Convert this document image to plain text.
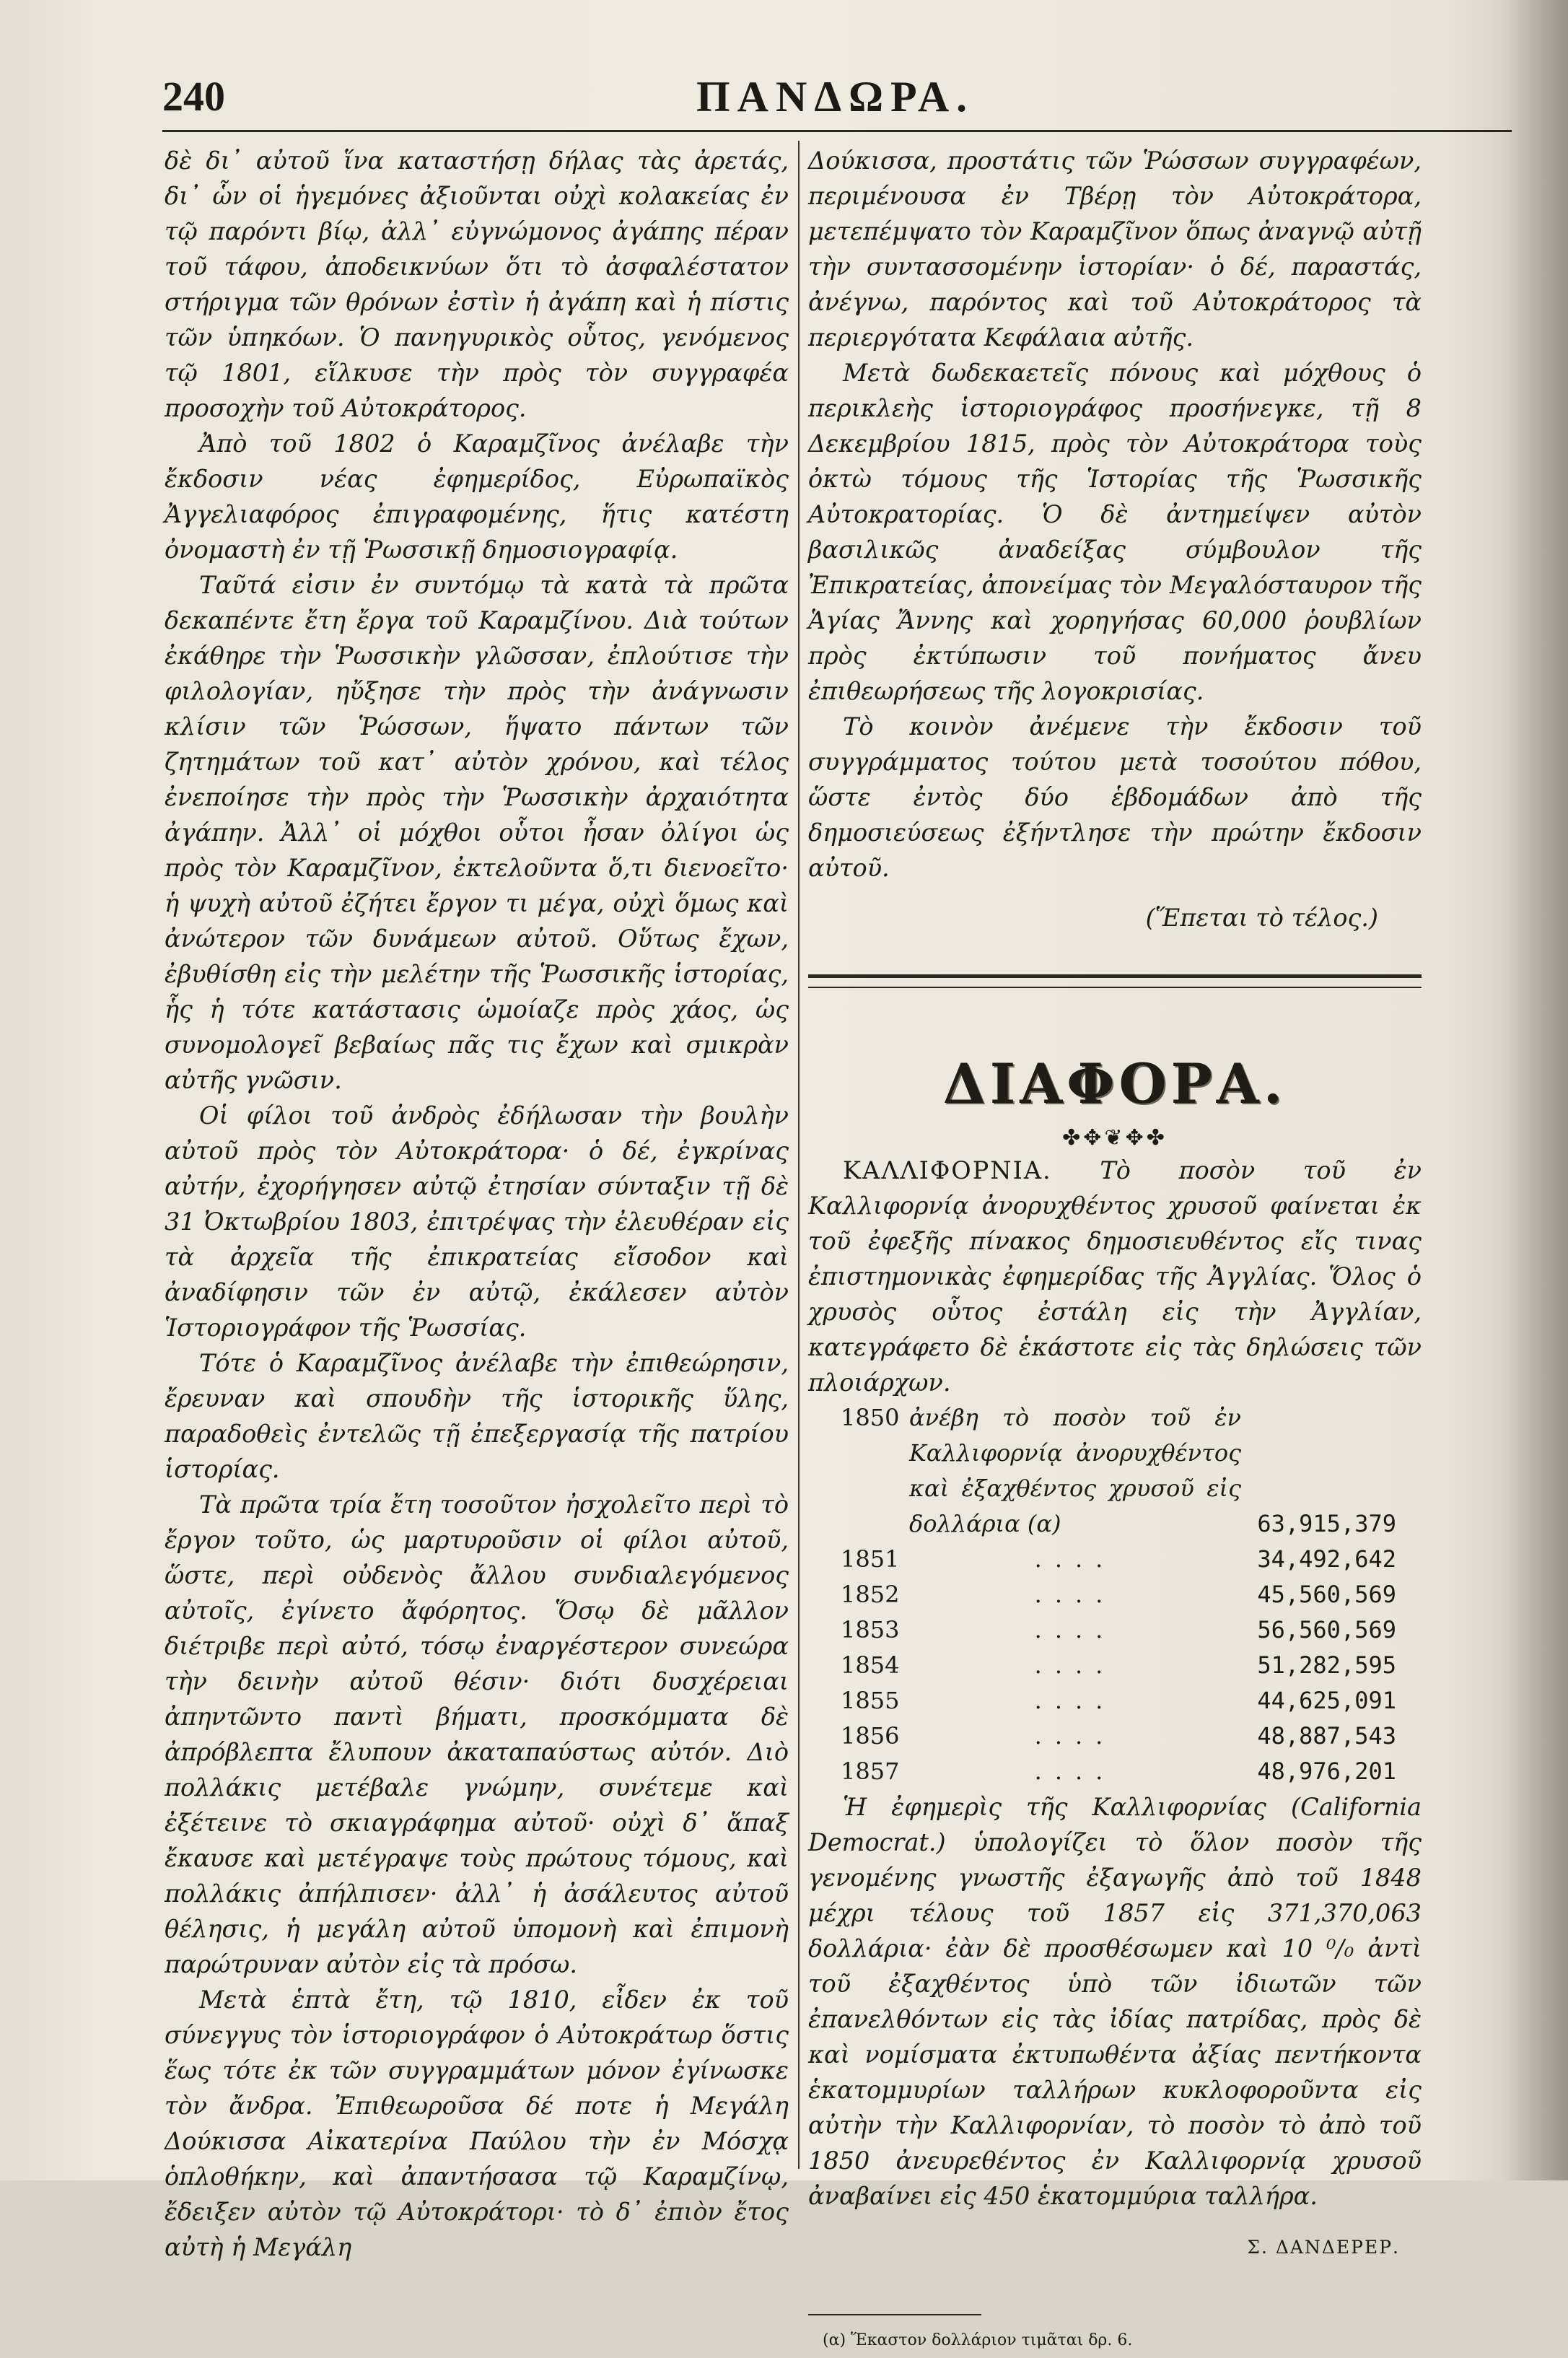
240	ΠΑΝΔΩΡΑ.

δὲ δι᾽ αὐτοῦ ἵνα καταστήσῃ δήλας τὰς ἀρετάς, δι᾽ ὧν οἱ ἡγεμόνες ἀξιοῦνται οὐχὶ κολακείας ἐν τῷ παρόντι βίῳ, ἀλλ᾽ εὐγνώμονος ἀγάπης πέραν τοῦ τάφου, ἀποδεικνύων ὅτι τὸ ἀσφαλέστατον στήριγμα τῶν θρόνων ἐστὶν ἡ ἀγάπη καὶ ἡ πίστις τῶν ὑπηκόων. Ὁ πανηγυρικὸς οὗτος, γενόμενος τῷ 1801, εἵλκυσε τὴν πρὸς τὸν συγγραφέα προσοχὴν τοῦ Αὐτοκράτορος.

Ἀπὸ τοῦ 1802 ὁ Καραμζῖνος ἀνέλαβε τὴν ἔκδοσιν νέας ἐφημερίδος, Εὐρωπαϊκὸς Ἀγγελιαφόρος ἐπιγραφομένης, ἥτις κατέστη ὀνομαστὴ ἐν τῇ Ῥωσσικῇ δημοσιογραφίᾳ.

Ταῦτά εἰσιν ἐν συντόμῳ τὰ κατὰ τὰ πρῶτα δεκαπέντε ἔτη ἔργα τοῦ Καραμζίνου. Διὰ τούτων ἐκάθηρε τὴν Ῥωσσικὴν γλῶσσαν, ἐπλούτισε τὴν φιλολογίαν, ηὔξησε τὴν πρὸς τὴν ἀνάγνωσιν κλίσιν τῶν Ῥώσσων, ἥψατο πάντων τῶν ζητημάτων τοῦ κατ᾽ αὐτὸν χρόνου, καὶ τέλος ἐνεποίησε τὴν πρὸς τὴν Ῥωσσικὴν ἀρχαιότητα ἀγάπην. Ἀλλ᾽ οἱ μόχθοι οὗτοι ἦσαν ὀλίγοι ὡς πρὸς τὸν Καραμζῖνον, ἐκτελοῦντα ὅ,τι διενοεῖτο· ἡ ψυχὴ αὐτοῦ ἐζήτει ἔργον τι μέγα, οὐχὶ ὅμως καὶ ἀνώτερον τῶν δυνάμεων αὐτοῦ. Οὕτως ἔχων, ἐβυθίσθη εἰς τὴν μελέτην τῆς Ῥωσσικῆς ἱστορίας, ἧς ἡ τότε κατάστασις ὡμοίαζε πρὸς χάος, ὡς συνομολογεῖ βεβαίως πᾶς τις ἔχων καὶ σμικρὰν αὐτῆς γνῶσιν.

Οἱ φίλοι τοῦ ἀνδρὸς ἐδήλωσαν τὴν βουλὴν αὐτοῦ πρὸς τὸν Αὐτοκράτορα· ὁ δέ, ἐγκρίνας αὐτήν, ἐχορήγησεν αὐτῷ ἐτησίαν σύνταξιν τῇ δὲ 31 Ὀκτωβρίου 1803, ἐπιτρέψας τὴν ἐλευθέραν εἰς τὰ ἀρχεῖα τῆς ἐπικρατείας εἴσοδον καὶ ἀναδίφησιν τῶν ἐν αὐτῷ, ἐκάλεσεν αὐτὸν Ἱστοριογράφον τῆς Ῥωσσίας.

Τότε ὁ Καραμζῖνος ἀνέλαβε τὴν ἐπιθεώρησιν, ἔρευναν καὶ σπουδὴν τῆς ἱστορικῆς ὕλης, παραδοθεὶς ἐντελῶς τῇ ἐπεξεργασίᾳ τῆς πατρίου ἱστορίας.

Τὰ πρῶτα τρία ἔτη τοσοῦτον ἠσχολεῖτο περὶ τὸ ἔργον τοῦτο, ὡς μαρτυροῦσιν οἱ φίλοι αὐτοῦ, ὥστε, περὶ οὐδενὸς ἄλλου συνδιαλεγόμενος αὐτοῖς, ἐγίνετο ἄφόρητος. Ὅσῳ δὲ μᾶλλον διέτριβε περὶ αὐτό, τόσῳ ἐναργέστερον συνεώρα τὴν δεινὴν αὐτοῦ θέσιν· διότι δυσχέρειαι ἀπηντῶντο παντὶ βήματι, προσκόμματα δὲ ἀπρόβλεπτα ἔλυπουν ἀκαταπαύστως αὐτόν. Διὸ πολλάκις μετέβαλε γνώμην, συνέτεμε καὶ ἐξέτεινε τὸ σκιαγράφημα αὐτοῦ· οὐχὶ δ᾽ ἅπαξ ἔκαυσε καὶ μετέγραψε τοὺς πρώτους τόμους, καὶ πολλάκις ἀπήλπισεν· ἀλλ᾽ ἡ ἀσάλευτος αὐτοῦ θέλησις, ἡ μεγάλη αὐτοῦ ὑπομονὴ καὶ ἐπιμονὴ παρώτρυναν αὐτὸν εἰς τὰ πρόσω.

Μετὰ ἑπτὰ ἔτη, τῷ 1810, εἶδεν ἐκ τοῦ σύνεγγυς τὸν ἱστοριογράφον ὁ Αὐτοκράτωρ ὅστις ἕως τότε ἐκ τῶν συγγραμμάτων μόνον ἐγίνωσκε τὸν ἄνδρα. Ἐπιθεωροῦσα δέ ποτε ἡ Μεγάλη Δούκισσα Αἰκατερίνα Παύλου τὴν ἐν Μόσχᾳ ὁπλοθήκην, καὶ ἀπαντήσασα τῷ Καραμζίνῳ, ἔδειξεν αὐτὸν τῷ Αὐτοκράτορι· τὸ δ᾽ ἐπιὸν ἔτος αὐτὴ ἡ Μεγάλη

Δούκισσα, προστάτις τῶν Ῥώσσων συγγραφέων, περιμένουσα ἐν Τβέρῃ τὸν Αὐτοκράτορα, μετεπέμψατο τὸν Καραμζῖνον ὅπως ἀναγνῷ αὐτῇ τὴν συντασσομένην ἱστορίαν· ὁ δέ, παραστάς, ἀνέγνω, παρόντος καὶ τοῦ Αὐτοκράτορος τὰ περιεργότατα Κεφάλαια αὐτῆς.

Μετὰ δωδεκαετεῖς πόνους καὶ μόχθους ὁ περικλεὴς ἱστοριογράφος προσήνεγκε, τῇ 8 Δεκεμβρίου 1815, πρὸς τὸν Αὐτοκράτορα τοὺς ὀκτὼ τόμους τῆς Ἱστορίας τῆς Ῥωσσικῆς Αὐτοκρατορίας. Ὁ δὲ ἀντημείψεν αὐτὸν βασιλικῶς ἀναδείξας σύμβουλον τῆς Ἐπικρατείας, ἀπονείμας τὸν Μεγαλόσταυρον τῆς Ἁγίας Ἄννης καὶ χορηγήσας 60,000 ῥουβλίων πρὸς ἐκτύπωσιν τοῦ πονήματος ἄνευ ἐπιθεωρήσεως τῆς λογοκρισίας.

Τὸ κοινὸν ἀνέμενε τὴν ἔκδοσιν τοῦ συγγράμματος τούτου μετὰ τοσούτου πόθου, ὥστε ἐντὸς δύο ἑβδομάδων ἀπὸ τῆς δημοσιεύσεως ἐξήντλησε τὴν πρώτην ἔκδοσιν αὐτοῦ.

(Ἕπεται τὸ τέλος.)
ΔΙΑΦΟΡΑ.
✤✥❦✥✤

ΚΑΛΛΙΦΟΡΝΙΑ. Τὸ ποσὸν τοῦ ἐν Καλλιφορνίᾳ ἀνορυχθέντος χρυσοῦ φαίνεται ἐκ τοῦ ἐφεξῆς πίνακος δημοσιευθέντος εἴς τινας ἐπιστημονικὰς ἐφημερίδας τῆς Ἀγγλίας. Ὅλος ὁ χρυσὸς οὗτος ἐστάλη εἰς τὴν Ἀγγλίαν, κατεγράφετο δὲ ἑκάστοτε εἰς τὰς δηλώσεις τῶν πλοιάρχων.

1850	ἀνέβη τὸ ποσὸν τοῦ ἐν Καλλιφορνίᾳ ἀνορυχθέντος καὶ ἐξαχθέντος χρυσοῦ εἰς δολλάρια (α)	63,915,379
1851	....	34,492,642
1852	....	45,560,569
1853	....	56,560,569
1854	....	51,282,595
1855	....	44,625,091
1856	....	48,887,543
1857	....	48,976,201

Ἡ ἐφημερὶς τῆς Καλλιφορνίας (California Democrat.) ὑπολογίζει τὸ ὅλον ποσὸν τῆς γενομένης γνωστῆς ἐξαγωγῆς ἀπὸ τοῦ 1848 μέχρι τέλους τοῦ 1857 εἰς 371,370,063 δολλάρια· ἐὰν δὲ προσθέσωμεν καὶ 10 ⁰/₀ ἀντὶ τοῦ ἐξαχθέντος ὑπὸ τῶν ἰδιωτῶν τῶν ἐπανελθόντων εἰς τὰς ἰδίας πατρίδας, πρὸς δὲ καὶ νομίσματα ἐκτυπωθέντα ἀξίας πεντήκοντα ἑκατομμυρίων ταλλήρων κυκλοφοροῦντα εἰς αὐτὴν τὴν Καλλιφορνίαν, τὸ ποσὸν τὸ ἀπὸ τοῦ 1850 ἀνευρεθέντος ἐν Καλλιφορνίᾳ χρυσοῦ ἀναβαίνει εἰς 450 ἑκατομμύρια ταλλήρα.

Σ. ΔΑΝΔΕΡΕΡ.
(α) Ἕκαστον δολλάριον τιμᾶται δρ. 6.
